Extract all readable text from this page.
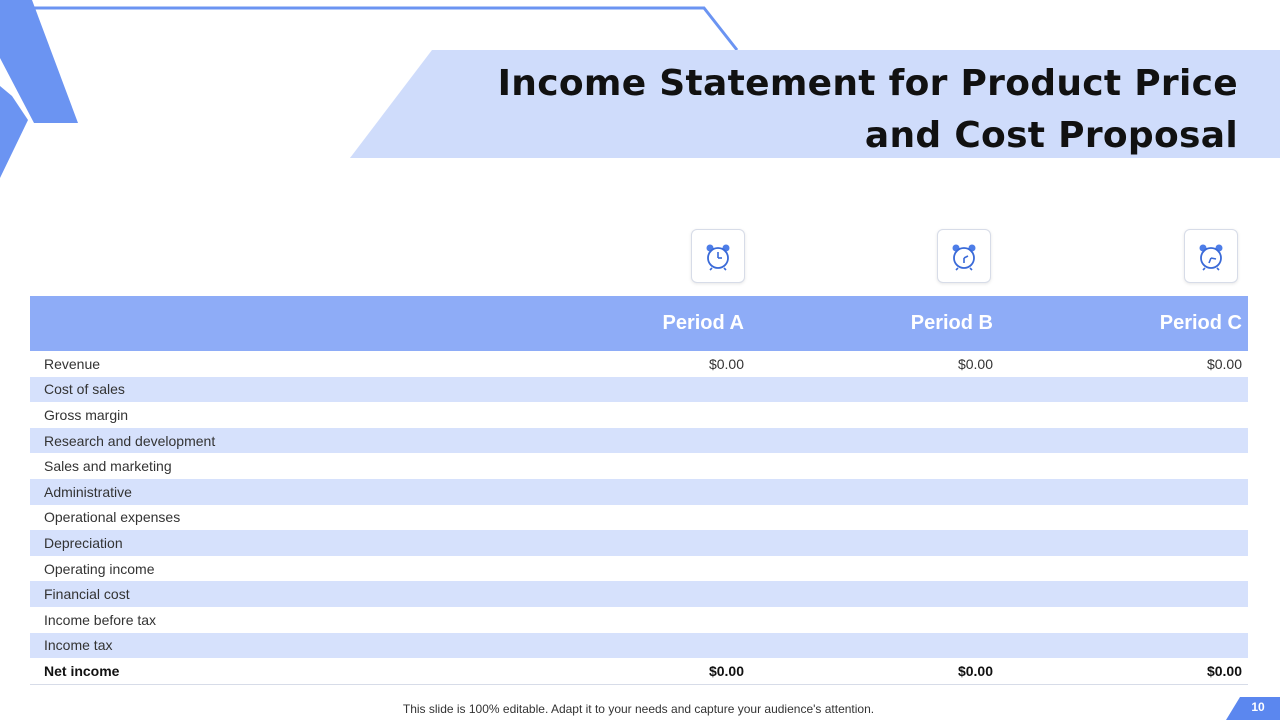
Income Statement for Product Price and Cost Proposal
	Period A	Period B	Period C
Revenue	$0.00	$0.00	$0.00
Cost of sales			
Gross margin			
Research and development			
Sales and marketing			
Administrative			
Operational expenses			
Depreciation			
Operating income			
Financial cost			
Income before tax			
Income tax			
Net income	$0.00	$0.00	$0.00
This slide is 100% editable. Adapt it to your needs and capture your audience's attention.	10
